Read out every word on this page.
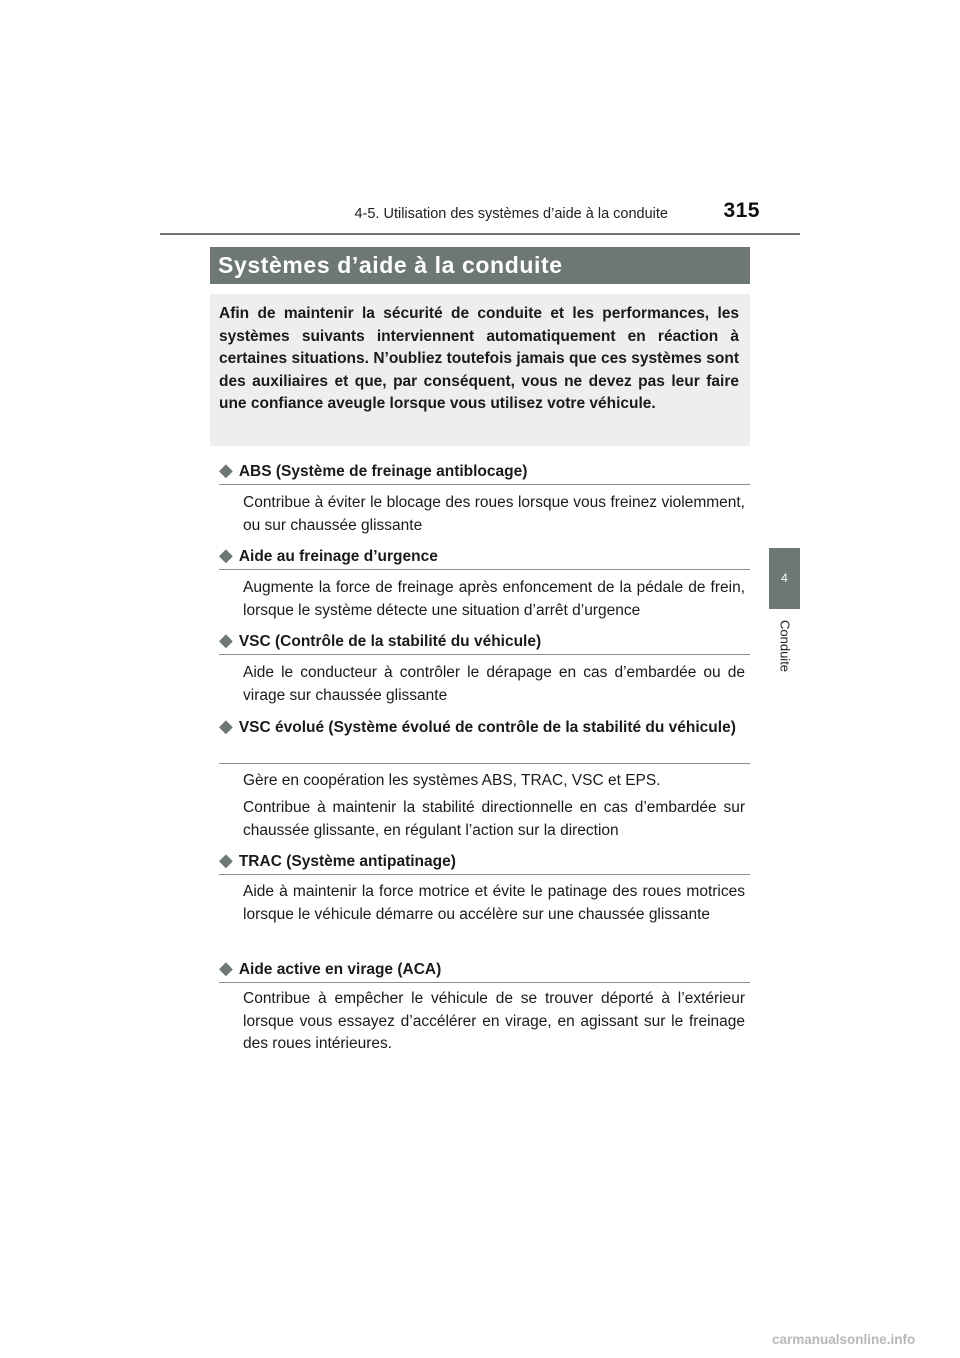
4-5. Utilisation des systèmes d’aide à la conduite	315
4
Conduite
Systèmes d’aide à la conduite

Afin de maintenir la sécurité de conduite et les performances, les systèmes suivants interviennent automatiquement en réaction à certaines situations. N’oubliez toutefois jamais que ces systèmes sont des auxiliaires et que, par conséquent, vous ne devez pas leur faire une confiance aveugle lorsque vous utilisez votre véhicule.

◆ ABS (Système de freinage antiblocage)

Contribue à éviter le blocage des roues lorsque vous freinez violemment, ou sur chaussée glissante

◆ Aide au freinage d’urgence

Augmente la force de freinage après enfoncement de la pédale de frein, lorsque le système détecte une situation d’arrêt d’urgence

◆ VSC (Contrôle de la stabilité du véhicule)

Aide le conducteur à contrôler le dérapage en cas d’embardée ou de virage sur chaussée glissante

◆ VSC évolué (Système évolué de contrôle de la stabilité du véhicule)

Gère en coopération les systèmes ABS, TRAC, VSC et EPS.

Contribue à maintenir la stabilité directionnelle en cas d’embardée sur chaussée glissante, en régulant l’action sur la direction

◆ TRAC (Système antipatinage)

Aide à maintenir la force motrice et évite le patinage des roues motrices lorsque le véhicule démarre ou accélère sur une chaussée glissante

◆ Aide active en virage (ACA)

Contribue à empêcher le véhicule de se trouver déporté à l’extérieur lorsque vous essayez d’accélérer en virage, en agissant sur le freinage des roues intérieures.

carmanualsonline.info
